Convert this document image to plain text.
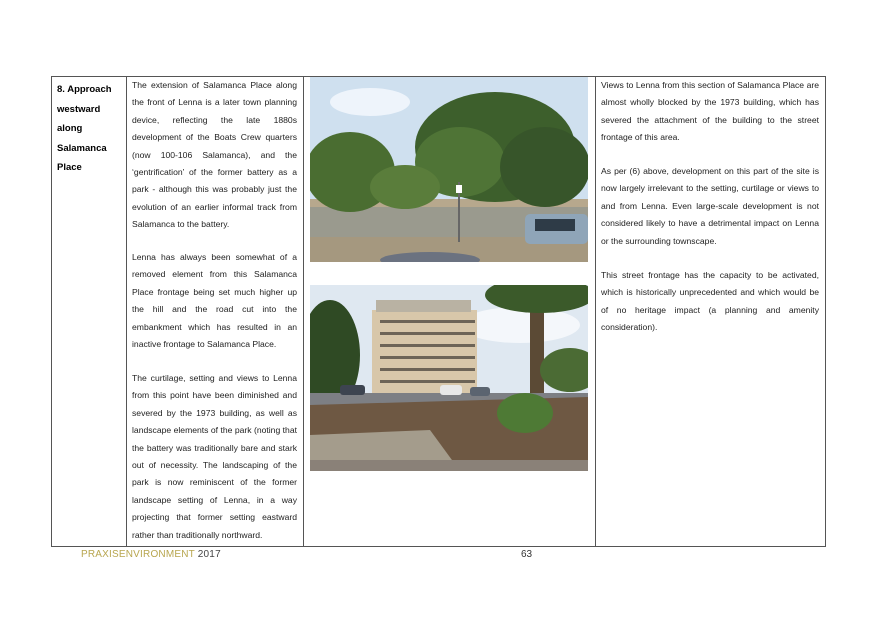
8. Approach westward along Salamanca Place
The extension of Salamanca Place along the front of Lenna is a later town planning device, reflecting the late 1880s development of the Boats Crew quarters (now 100-106 Salamanca), and the ‘gentrification’ of the former battery as a park - although this was probably just the evolution of an earlier informal track from Salamanca to the battery.
Lenna has always been somewhat of a removed element from this Salamanca Place frontage being set much higher up the hill and the road cut into the embankment which has resulted in an inactive frontage to Salamanca Place.
The curtilage, setting and views to Lenna from this point have been diminished and severed by the 1973 building, as well as landscape elements of the park (noting that the battery was traditionally bare and stark out of necessity. The landscaping of the park is now reminiscent of the former landscape setting of Lenna, in a way projecting that former setting eastward rather than traditionally northward.
Views to Lenna from this section of Salamanca Place are almost wholly blocked by the 1973 building, which has severed the attachment of the building to the street frontage of this area.
As per (6) above, development on this part of the site is now largely irrelevant to the setting, curtilage or views to and from Lenna. Even large-scale development is not considered likely to have a detrimental impact on Lenna or the surrounding townscape.
This street frontage has the capacity to be activated, which is historically unprecedented and which would be of no heritage impact (a planning and amenity consideration).
PRAXISENVIRONMENT 2017	63
